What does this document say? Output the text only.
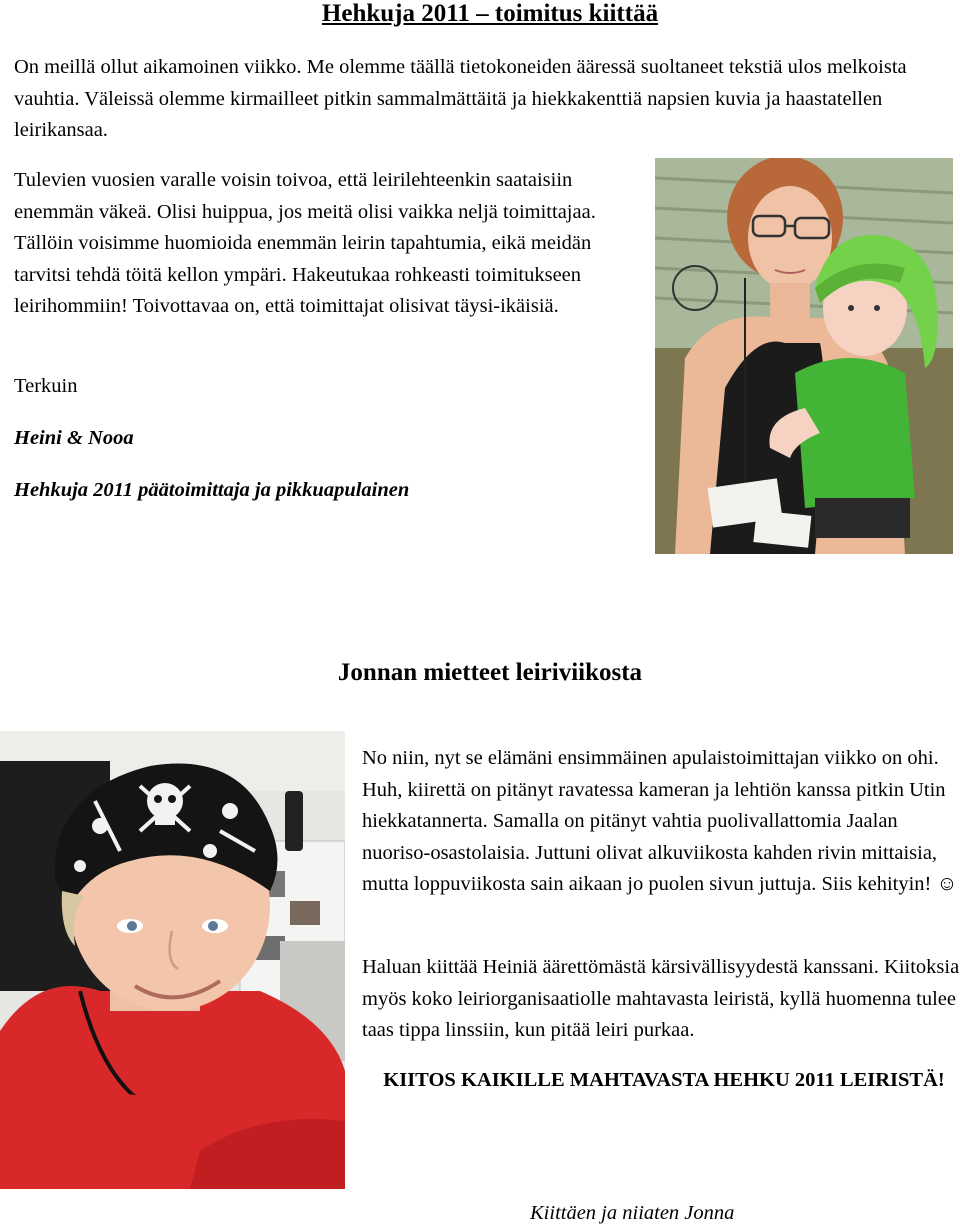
Hehkuja 2011 – toimitus kiittää

On meillä ollut aikamoinen viikko. Me olemme täällä tietokoneiden ääressä suoltaneet tekstiä ulos melkoista vauhtia. Väleissä olemme kirmailleet pitkin sammalmättäitä ja hiekkakenttiä napsien kuvia ja haastatellen leirikansaa.

Tulevien vuosien varalle voisin toivoa, että leirilehteenkin saataisiin enemmän väkeä. Olisi huippua, jos meitä olisi vaikka neljä toimittajaa. Tällöin voisimme huomioida enemmän leirin tapahtumia, eikä meidän tarvitsi tehdä töitä kellon ympäri. Hakeutukaa rohkeasti toimitukseen leirihommiin! Toivottavaa on, että toimittajat olisivat täysi-ikäisiä.

Terkuin

Heini & Nooa

Hehkuja 2011 päätoimittaja ja pikkuapulainen

Jonnan mietteet leiriviikosta

No niin, nyt se elämäni ensimmäinen apulaistoimittajan viikko on ohi. Huh, kiirettä on pitänyt ravatessa kameran ja lehtiön kanssa pitkin Utin hiekkatannerta. Samalla on pitänyt vahtia puolivallattomia Jaalan nuoriso-osastolaisia. Juttuni olivat alkuviikosta kahden rivin mittaisia, mutta loppuviikosta sain aikaan jo puolen sivun juttuja. Siis kehityin! ☺

Haluan kiittää Heiniä äärettömästä kärsivällisyydestä kanssani. Kiitoksia myös koko leiriorganisaatiolle mahtavasta leiristä, kyllä huomenna tulee taas tippa linssiin, kun pitää leiri purkaa.

KIITOS KAIKILLE MAHTAVASTA HEHKU 2011 LEIRISTÄ!

Kiittäen ja niiaten Jonna
